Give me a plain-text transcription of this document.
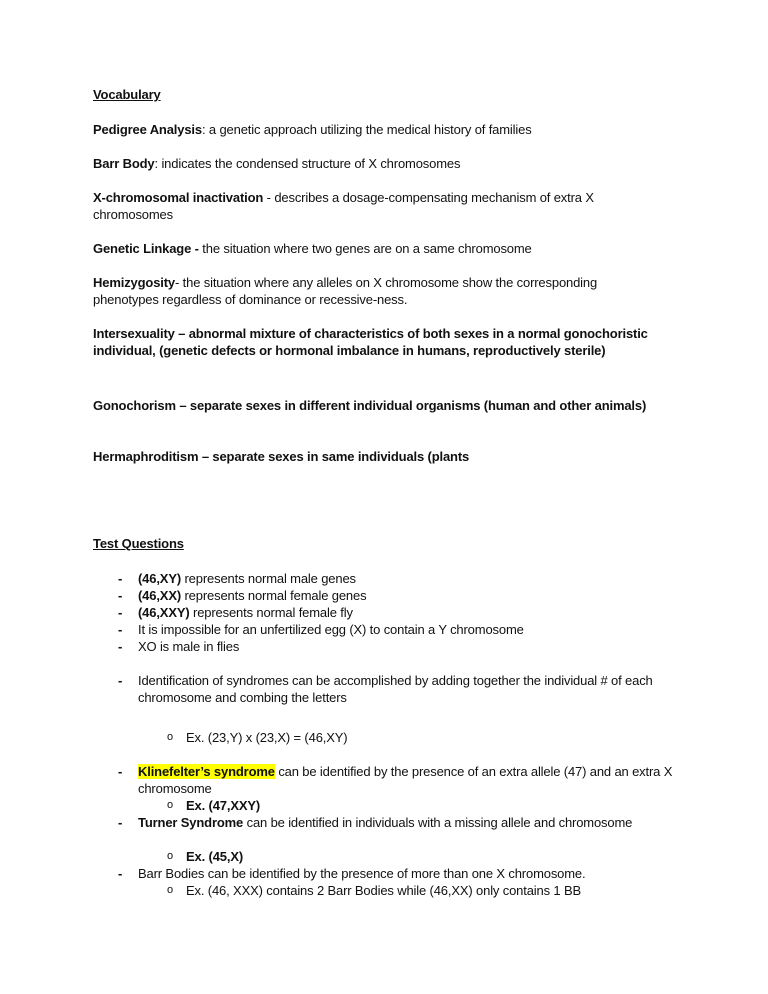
Vocabulary
Pedigree Analysis: a genetic approach utilizing the medical history of families
Barr Body: indicates the condensed structure of X chromosomes
X-chromosomal inactivation - describes a dosage-compensating mechanism of extra X chromosomes
Genetic Linkage - the situation where two genes are on a same chromosome
Hemizygosity- the situation where any alleles on X chromosome show the corresponding phenotypes regardless of dominance or recessive-ness.
Intersexuality – abnormal mixture of characteristics of both sexes in a normal gonochoristic individual, (genetic defects or hormonal imbalance in humans, reproductively sterile)
Gonochorism – separate sexes in different individual organisms (human and other animals)
Hermaphroditism – separate sexes in same individuals (plants
Test Questions
- (46,XY) represents normal male genes
- (46,XX) represents normal female genes
- (46,XXY) represents normal female fly
- It is impossible for an unfertilized egg (X) to contain a Y chromosome
- XO is male in flies
- Identification of syndromes can be accomplished by adding together the individual # of each chromosome and combing the letters
o Ex. (23,Y) x (23,X) = (46,XY)
- Klinefelter’s syndrome can be identified by the presence of an extra allele (47) and an extra X chromosome
o Ex. (47,XXY)
- Turner Syndrome can be identified in individuals with a missing allele and chromosome
o Ex. (45,X)
- Barr Bodies can be identified by the presence of more than one X chromosome.
o Ex. (46, XXX) contains 2 Barr Bodies while (46,XX) only contains 1 BB
